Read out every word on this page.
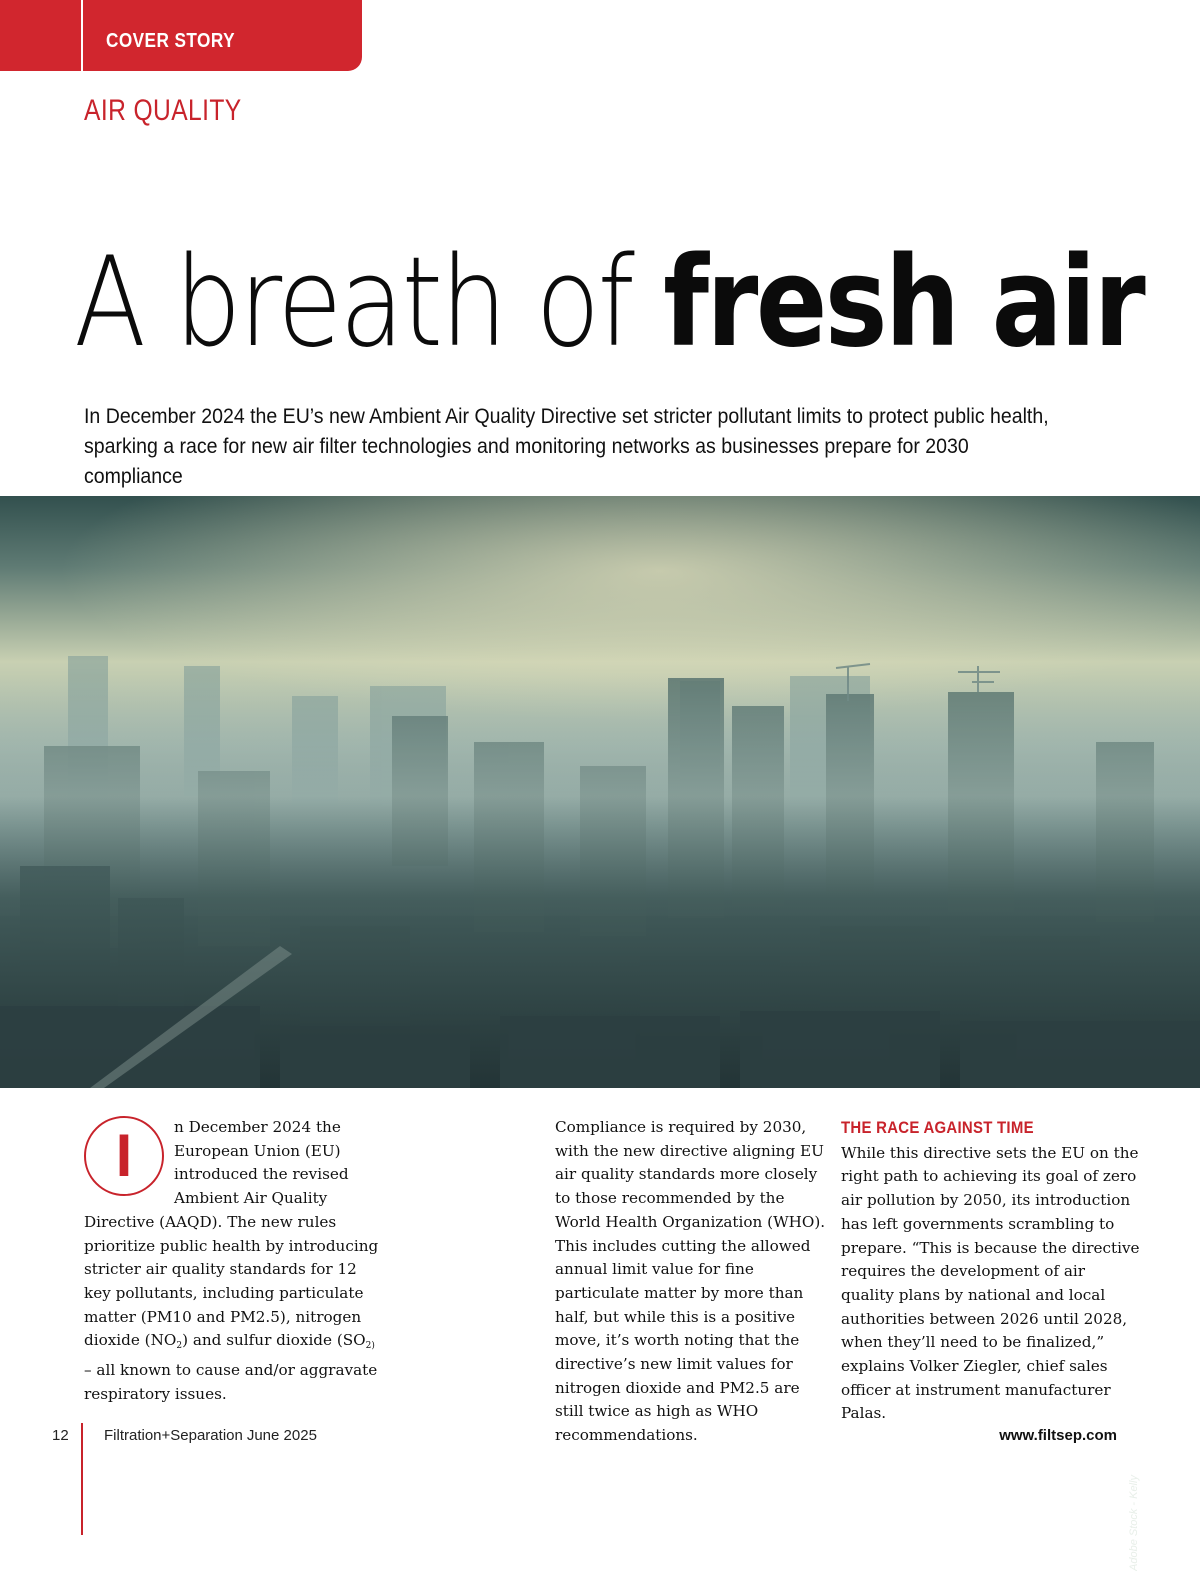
COVER STORY
AIR QUALITY
A breath of fresh air
In December 2024 the EU’s new Ambient Air Quality Directive set stricter pollutant limits to protect public health,
sparking a race for new air filter technologies and monitoring networks as businesses prepare for 2030 compliance
Adobe Stock - Kelly
I	n December 2024 the European Union (EU) introduced the revised Ambient Air Quality Directive (AAQD). The new rules prioritize public health by introducing stricter air quality standards for 12 key pollutants, including particulate matter (PM10 and PM2.5), nitrogen dioxide $(NO_2)$ and sulfur dioxide ($SO_{2)}$ – all known to cause and/or aggravate respiratory issues.

Compliance is required by 2030, with the new directive aligning EU air quality standards more closely to those recommended by the World Health Organization (WHO). This includes cutting the allowed annual limit value for fine particulate matter by more than half, but while this is a positive move, it’s worth noting that the directive’s new limit values for nitrogen dioxide and PM2.5 are still twice as high as WHO recommendations.

THE RACE AGAINST TIME

While this directive sets the EU on the right path to achieving its goal of zero air pollution by 2050, its introduction has left governments scrambling to prepare. “This is because the directive requires the development of air quality plans by national and local authorities between 2026 until 2028, when they’ll need to be finalized,” explains Volker Ziegler, chief sales officer at instrument manufacturer Palas.

12 Filtration+Separation June 2025	www.filtsep.com
